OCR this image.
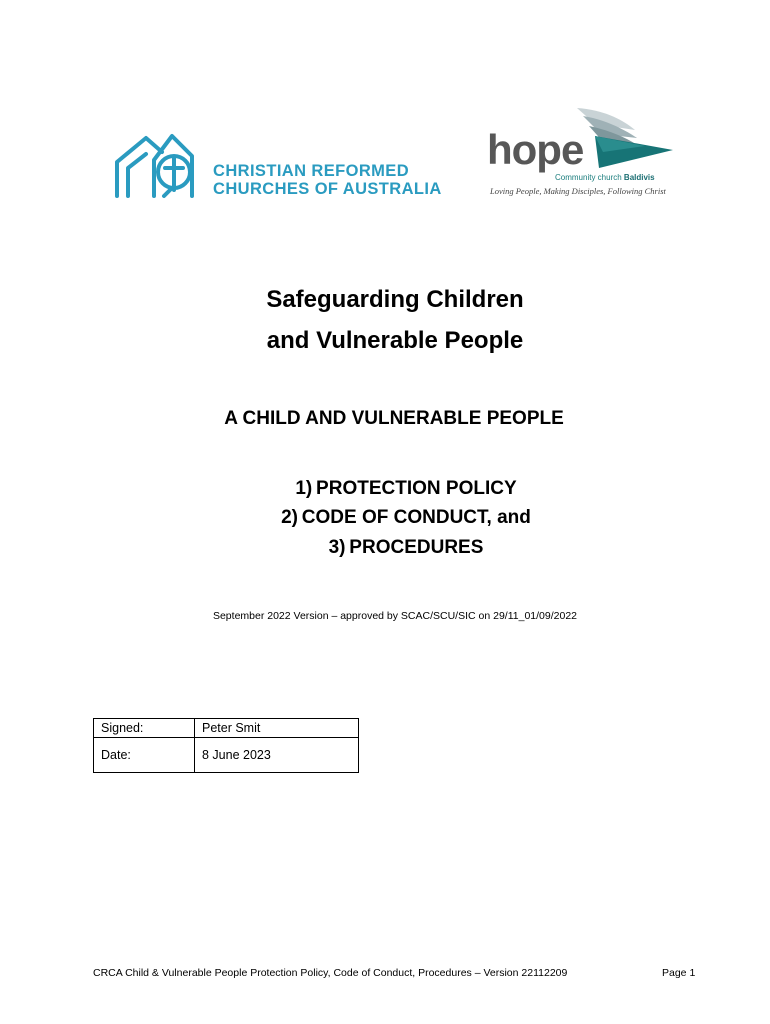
CHRISTIAN REFORMED
CHURCHES OF AUSTRALIA
hope
Community church Baldivis
Loving People, Making Disciples, Following Christ
Safeguarding Children
and Vulnerable People
A CHILD AND VULNERABLE PEOPLE
1) PROTECTION POLICY
2) CODE OF CONDUCT, and
3) PROCEDURES
September 2022 Version – approved by SCAC/SCU/SIC on 29/11_01/09/2022
Signed:	Peter Smit
Date:	8 June 2023
CRCA Child & Vulnerable People Protection Policy, Code of Conduct, Procedures – Version 22112209	Page 1
